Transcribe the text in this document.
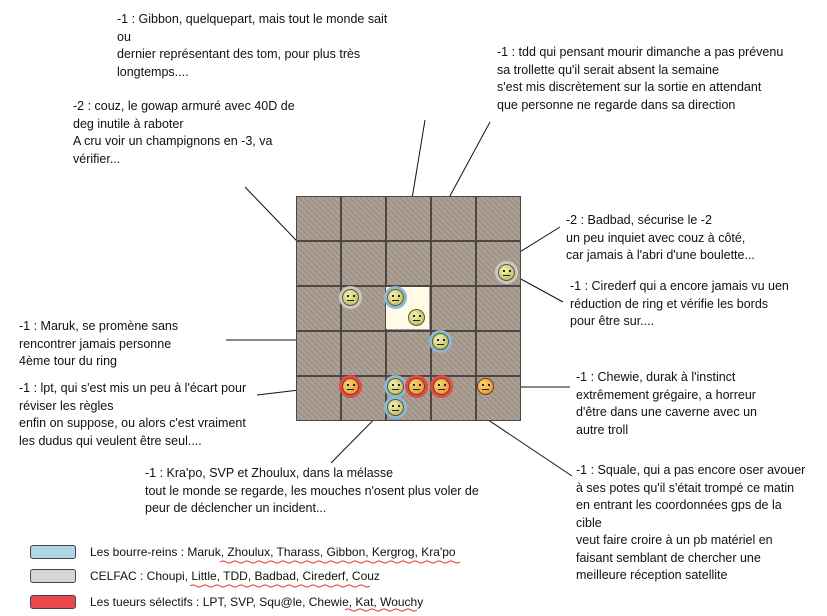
-1 : Gibbon, quelquepart, mais tout le monde sait
ou
dernier représentant des tom, pour plus très
longtemps....
-1 : tdd qui pensant mourir dimanche a pas prévenu
sa trollette qu'il serait absent la semaine
s'est mis discrètement sur la sortie en attendant
que personne ne regarde dans sa direction
-2 : couz, le gowap armuré avec 40D de
deg inutile à raboter
A cru voir un champignons en -3, va
vérifier...
-2 : Badbad, sécurise le -2
un peu inquiet avec couz à côté,
car jamais à l'abri d'une boulette...
-1 : Cirederf qui a encore jamais vu uen
réduction de ring et vérifie les bords
pour être sur....
-1 : Maruk, se promène sans
rencontrer jamais personne
4ème tour du ring
-1 : lpt, qui s'est mis un peu à l'écart pour
réviser les règles
enfin on suppose, ou alors c'est vraiment
les dudus qui veulent être seul....
-1 : Chewie, durak à l'instinct
extrêmement grégaire, a horreur
d'être dans une caverne avec un
autre troll
-1 : Kra'po, SVP et Zhoulux, dans la mélasse
tout le monde se regarde, les mouches n'osent plus voler de
peur de déclencher un incident...
-1 : Squale, qui a pas encore oser avouer
à ses potes qu'il s'était trompé ce matin
en entrant les coordonnées gps de la
cible
veut faire croire à un pb matériel en
faisant semblant de chercher une
meilleure réception satellite
Les bourre-reins : Maruk, Zhoulux, Tharass, Gibbon, Kergrog, Kra'po
CELFAC : Choupi, Little, TDD, Badbad, Cirederf, Couz
Les tueurs sélectifs : LPT, SVP, Squ@le, Chewie, Kat, Wouchy
